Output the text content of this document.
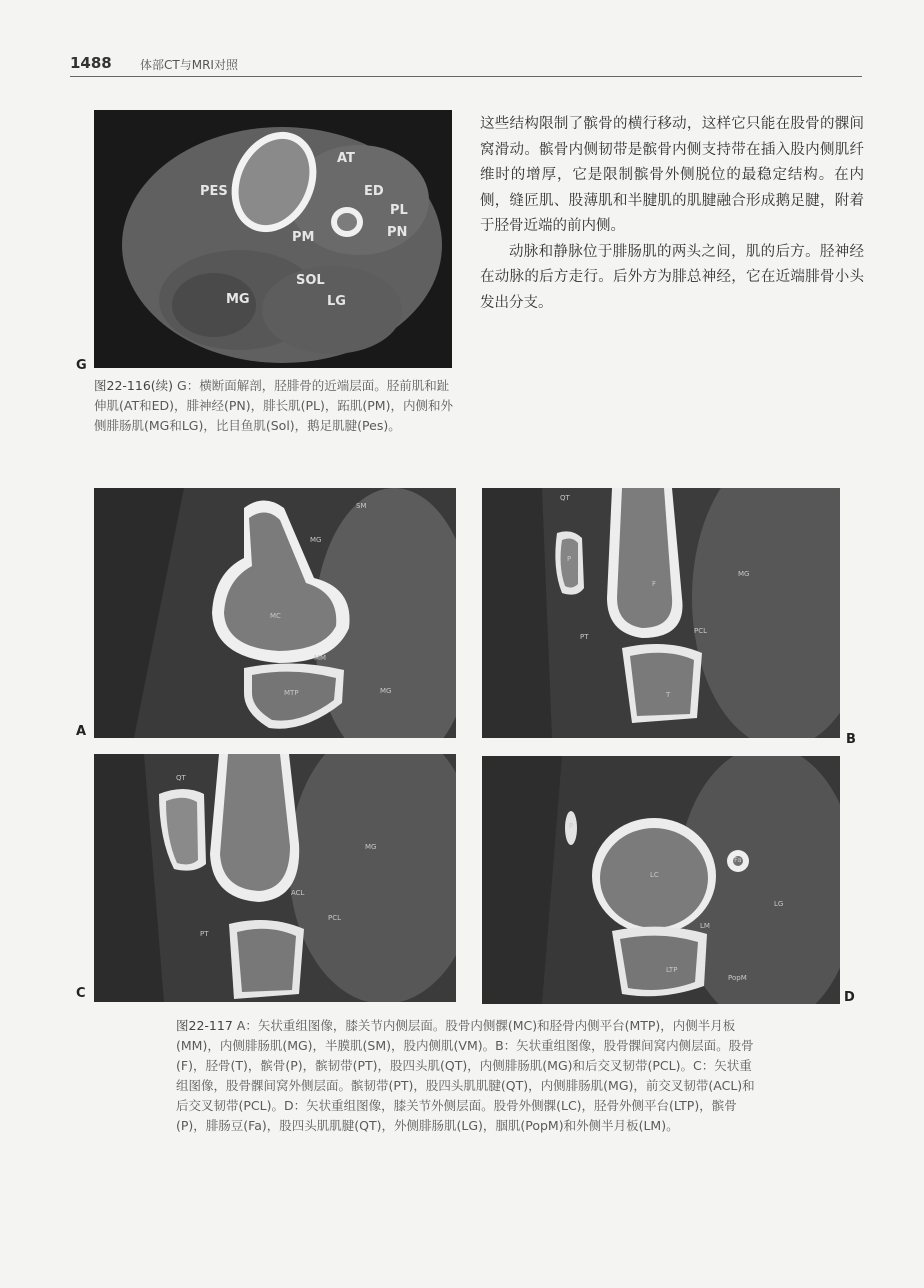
1488 体部CT与MRI对照
AT
PES	ED
PL
PM	PN
SOL
MG	LG
G
图22-116(续) G：横断面解剖，胫腓骨的近端层面。胫前肌和趾伸肌(AT和ED)，腓神经(PN)，腓长肌(PL)，跖肌(PM)，内侧和外侧腓肠肌(MG和LG)，比目鱼肌(Sol)，鹅足肌腱(Pes)。

这些结构限制了髌骨的横行移动，这样它只能在股骨的髁间窝滑动。髌骨内侧韧带是髌骨内侧支持带在插入股内侧肌纤维时的增厚，它是限制髌骨外侧脱位的最稳定结构。在内侧，缝匠肌、股薄肌和半腱肌的肌腱融合形成鹅足腱，附着于胫骨近端的前内侧。

动脉和静脉位于腓肠肌的两头之间，肌的后方。胫神经在动脉的后方走行。后外方为腓总神经，它在近端腓骨小头发出分支。

SM
MG
MC
MM
MTP	MG
A
QT
P
F
MG
PT
PCL
T
B
QT
MG
ACL
PCL
PT
C
P
LC
Fa
LG
LM
LTP
PopM
D
图22-117 A：矢状重组图像，膝关节内侧层面。股骨内侧髁(MC)和胫骨内侧平台(MTP)，内侧半月板(MM)，内侧腓肠肌(MG)，半膜肌(SM)，股内侧肌(VM)。B：矢状重组图像，股骨髁间窝内侧层面。股骨(F)，胫骨(T)，髌骨(P)，髌韧带(PT)，股四头肌(QT)，内侧腓肠肌(MG)和后交叉韧带(PCL)。C：矢状重组图像，股骨髁间窝外侧层面。髌韧带(PT)，股四头肌肌腱(QT)，内侧腓肠肌(MG)，前交叉韧带(ACL)和后交叉韧带(PCL)。D：矢状重组图像，膝关节外侧层面。股骨外侧髁(LC)，胫骨外侧平台(LTP)，髌骨(P)，腓肠豆(Fa)，股四头肌肌腱(QT)，外侧腓肠肌(LG)，腘肌(PopM)和外侧半月板(LM)。
